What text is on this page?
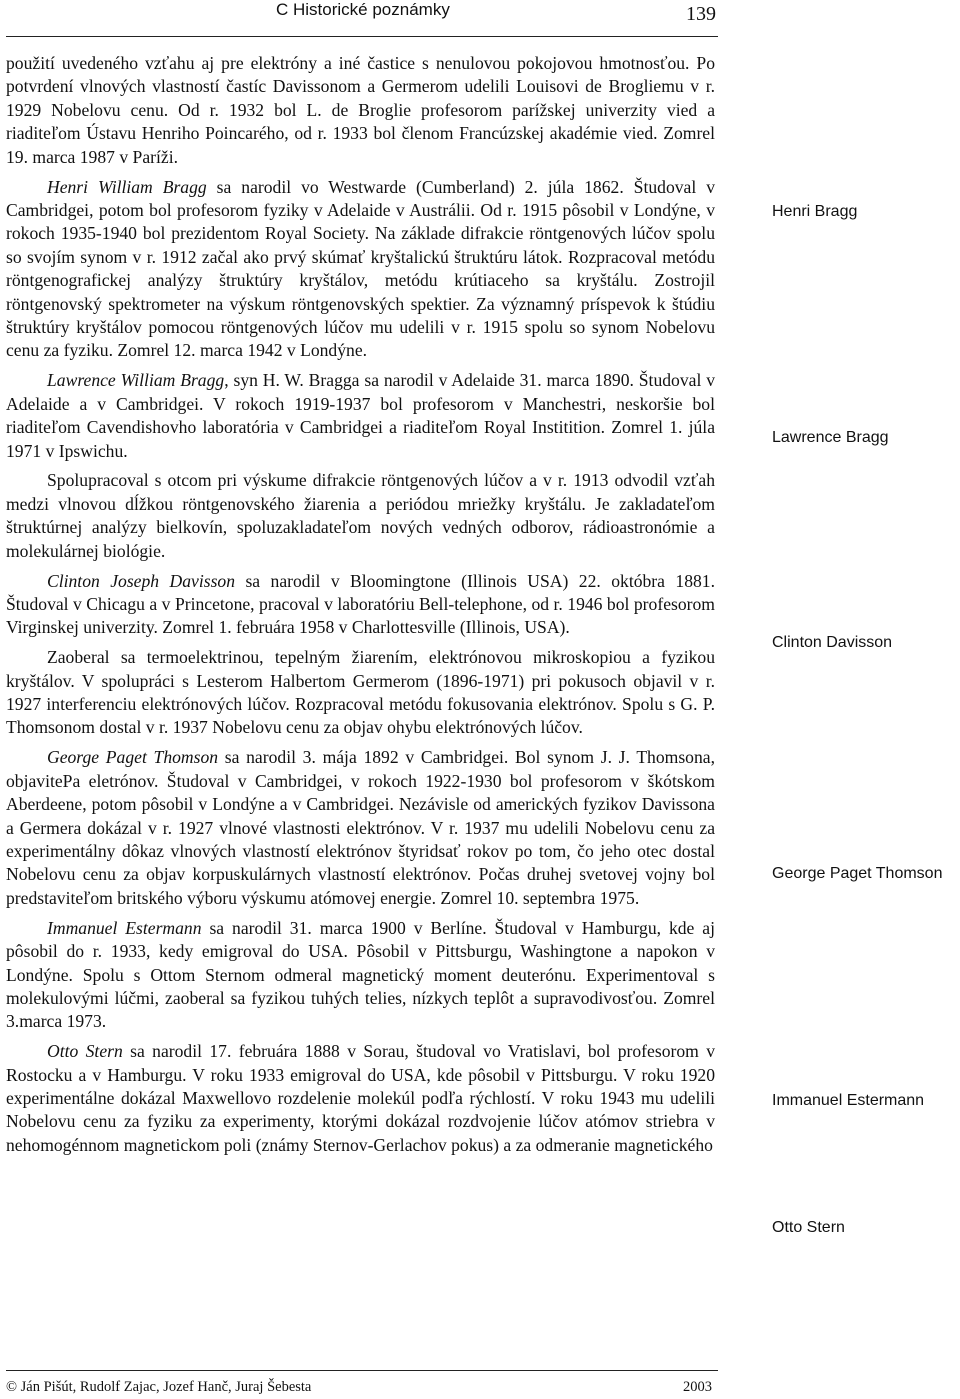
C Historické poznámky	139

použití uvedeného vzťahu aj pre elektróny a iné častice s nenulovou pokojovou hmotnosťou. Po potvrdení vlnových vlastností častíc Davissonom a Germerom udelili Louisovi de Brogliemu v r. 1929 Nobelovu cenu. Od r. 1932 bol L. de Broglie profesorom parížskej univerzity vied a riaditeľom Ústavu Henriho Poincarého, od r. 1933 bol členom Francúzskej akadémie vied. Zomrel 19. marca 1987 v Paríži.

Henri William Bragg sa narodil vo Westwarde (Cumberland) 2. júla 1862. Študoval v Cambridgei, potom bol profesorom fyziky v Adelaide v Austrálii. Od r. 1915 pôsobil v Londýne, v rokoch 1935-1940 bol prezidentom Royal Society. Na základe difrakcie röntgenových lúčov spolu so svojím synom v r. 1912 začal ako prvý skúmať kryštalickú štruktúru látok. Rozpracoval metódu röntgenografickej analýzy štruktúry kryštálov, metódu krútiaceho sa kryštálu. Zostrojil röntgenovský spektrometer na výskum röntgenovských spektier. Za významný príspevok k štúdiu štruktúry kryštálov pomocou röntgenových lúčov mu udelili v r. 1915 spolu so synom Nobelovu cenu za fyziku. Zomrel 12. marca 1942 v Londýne.

Lawrence William Bragg, syn H. W. Bragga sa narodil v Adelaide 31. marca 1890. Študoval v Adelaide a v Cambridgei. V rokoch 1919-1937 bol profesorom v Manchestri, neskoršie bol riaditeľom Cavendishovho laboratória v Cambridgei a riaditeľom Royal Instititiоn. Zomrel 1. júla 1971 v Ipswichu.

Spolupracoval s otcom pri výskume difrakcie röntgenových lúčov a v r. 1913 odvodil vzťah medzi vlnovou dĺžkou röntgenovského žiarenia a periódou mriežky kryštálu. Je zakladateľom štruktúrnej analýzy bielkovín, spoluzakladateľom nových vedných odborov, rádioastronómie a molekulárnej biológie.

Clinton Joseph Davisson sa narodil v Bloomingtone (Illinois USA) 22. októbra 1881. Študoval v Chicagu a v Princetone, pracoval v laboratóriu Bell-telephone, od r. 1946 bol profesorom Virginskej univerzity. Zomrel 1. februára 1958 v Charlottesville (Illinois, USA).

Zaoberal sa termoelektrinou, tepelným žiarením, elektrónovou mikroskopiou a fyzikou kryštálov. V spolupráci s Lesterom Halbertom Germerom (1896-1971) pri pokusoch objavil v r. 1927 interferenciu elektrónových lúčov. Rozpracoval metódu fokusovania elektrónov. Spolu s G. P. Thomsonom dostal v r. 1937 Nobelovu cenu za objav ohybu elektrónových lúčov.

George Paget Thomson sa narodil 3. mája 1892 v Cambridgei. Bol synom J. J. Thomsona, objavitePa eletrónov. Študoval v Cambridgei, v rokoch 1922-1930 bol profesorom v škótskom Aberdeene, potom pôsobil v Londýne a v Cambridgei. Nezávisle od amerických fyzikov Davissona a Germera dokázal v r. 1927 vlnové vlastnosti elektrónov. V r. 1937 mu udelili Nobelovu cenu za experimentálny dôkaz vlnových vlastností elektrónov štyridsať rokov po tom, čo jeho otec dostal Nobelovu cenu za objav korpuskulárnych vlastností elektrónov. Počas druhej svetovej vojny bol predstaviteľom britského výboru výskumu atómovej energie. Zomrel 10. septembra 1975.

Immanuel Estermann sa narodil 31. marca 1900 v Berlíne. Študoval v Hamburgu, kde aj pôsobil do r. 1933, kedy emigroval do USA. Pôsobil v Pittsburgu, Washingtone a napokon v Londýne. Spolu s Ottom Sternom odmeral magnetický moment deuterónu. Experimentoval s molekulovými lúčmi, zaoberal sa fyzikou tuhých telies, nízkych teplôt a supravodivosťou. Zomrel 3.marca 1973.

Otto Stern sa narodil 17. februára 1888 v Sorau, študoval vo Vratislavi, bol profesorom v Rostocku a v Hamburgu. V roku 1933 emigroval do USA, kde pôsobil v Pittsburgu. V roku 1920 experimentálne dokázal Maxwellovo rozdelenie molekúl podľa rýchlostí. V roku 1943 mu udelili Nobelovu cenu za fyziku za experimenty, ktorými dokázal rozdvojenie lúčov atómov striebra v nehomogénnom magnetickom poli (známy Sternov-Gerlachov pokus) a za odmeranie magnetického

Henri Bragg
Lawrence Bragg
Clinton Davisson
George Paget Thomson
Immanuel Estermann
Otto Stern
© Ján Pišút, Rudolf Zajac, Jozef Hanč, Juraj Šebesta	2003
